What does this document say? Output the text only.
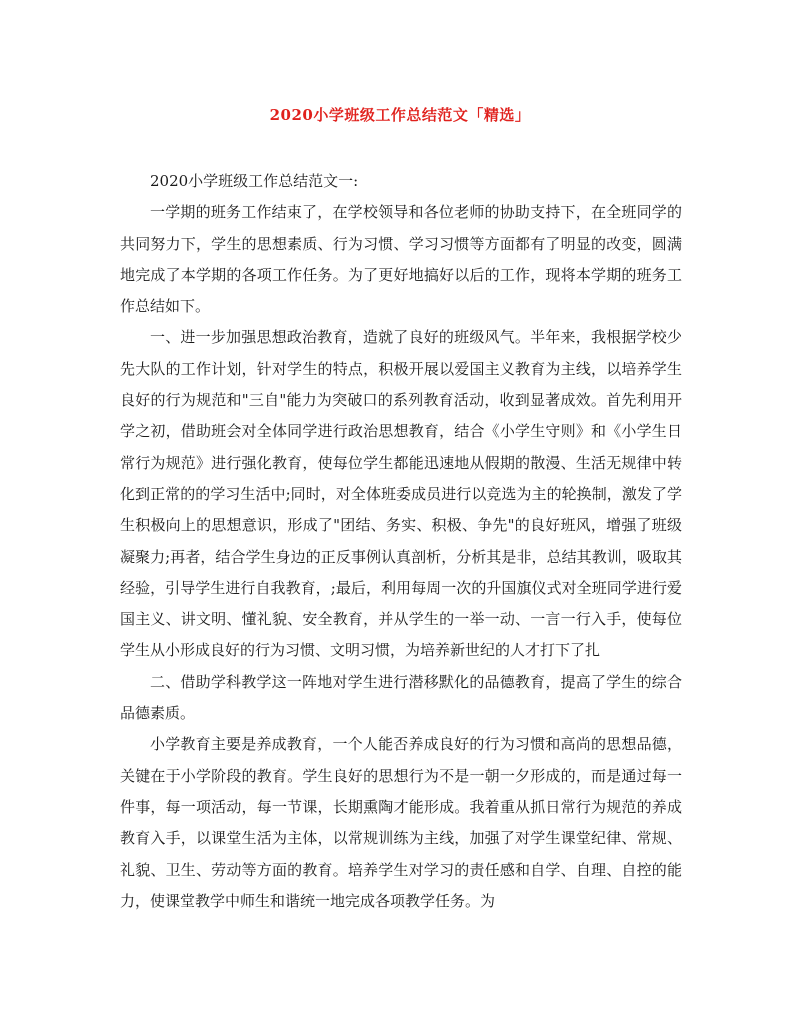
2020小学班级工作总结范文「精选」

2020小学班级工作总结范文一:

一学期的班务工作结束了，在学校领导和各位老师的协助支持下，在全班同学的共同努力下，学生的思想素质、行为习惯、学习习惯等方面都有了明显的改变，圆满地完成了本学期的各项工作任务。为了更好地搞好以后的工作，现将本学期的班务工作总结如下。

一、进一步加强思想政治教育，造就了良好的班级风气。半年来，我根据学校少先大队的工作计划，针对学生的特点，积极开展以爱国主义教育为主线，以培养学生良好的行为规范和"三自"能力为突破口的系列教育活动，收到显著成效。首先利用开学之初，借助班会对全体同学进行政治思想教育，结合《小学生守则》和《小学生日常行为规范》进行强化教育，使每位学生都能迅速地从假期的散漫、生活无规律中转化到正常的的学习生活中;同时，对全体班委成员进行以竞选为主的轮换制，激发了学生积极向上的思想意识，形成了"团结、务实、积极、争先"的良好班风，增强了班级凝聚力;再者，结合学生身边的正反事例认真剖析，分析其是非，总结其教训，吸取其经验，引导学生进行自我教育，;最后，利用每周一次的升国旗仪式对全班同学进行爱国主义、讲文明、懂礼貌、安全教育，并从学生的一举一动、一言一行入手，使每位学生从小形成良好的行为习惯、文明习惯，为培养新世纪的人才打下了扎

二、借助学科教学这一阵地对学生进行潜移默化的品德教育，提高了学生的综合品德素质。

小学教育主要是养成教育，一个人能否养成良好的行为习惯和高尚的思想品德，关键在于小学阶段的教育。学生良好的思想行为不是一朝一夕形成的，而是通过每一件事，每一项活动，每一节课，长期熏陶才能形成。我着重从抓日常行为规范的养成教育入手，以课堂生活为主体，以常规训练为主线，加强了对学生课堂纪律、常规、礼貌、卫生、劳动等方面的教育。培养学生对学习的责任感和自学、自理、自控的能力，使课堂教学中师生和谐统一地完成各项教学任务。为
